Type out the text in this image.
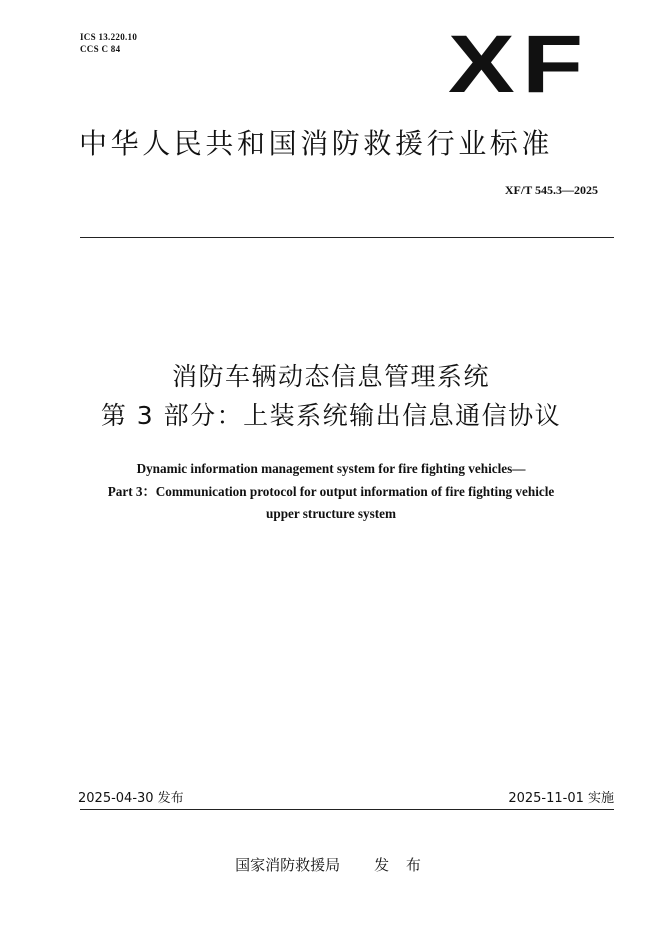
ICS 13.220.10
CCS C 84	XF
中华人民共和国消防救援行业标准
XF/T 545.3—2025
消防车辆动态信息管理系统
第 3 部分：上装系统输出信息通信协议
Dynamic information management system for fire fighting vehicles—
Part 3：Communication protocol for output information of fire fighting vehicle
upper structure system
2025-04-30 发布	2025-11-01 实施
国家消防救援局 发 布
